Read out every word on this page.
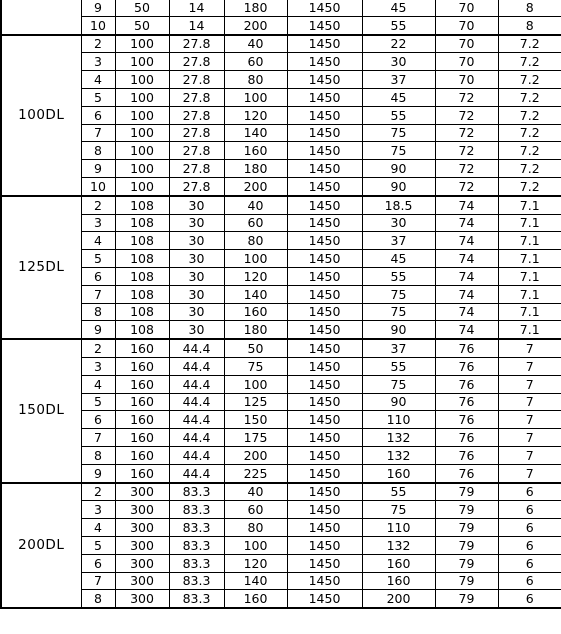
	9	50	14	180	1450	45	70	8
	10	50	14	200	1450	55	70	8
100DL	2	100	27.8	40	1450	22	70	7.2
	3	100	27.8	60	1450	30	70	7.2
	4	100	27.8	80	1450	37	70	7.2
	5	100	27.8	100	1450	45	72	7.2
	6	100	27.8	120	1450	55	72	7.2
	7	100	27.8	140	1450	75	72	7.2
	8	100	27.8	160	1450	75	72	7.2
	9	100	27.8	180	1450	90	72	7.2
	10	100	27.8	200	1450	90	72	7.2
125DL	2	108	30	40	1450	18.5	74	7.1
	3	108	30	60	1450	30	74	7.1
	4	108	30	80	1450	37	74	7.1
	5	108	30	100	1450	45	74	7.1
	6	108	30	120	1450	55	74	7.1
	7	108	30	140	1450	75	74	7.1
	8	108	30	160	1450	75	74	7.1
	9	108	30	180	1450	90	74	7.1
150DL	2	160	44.4	50	1450	37	76	7
	3	160	44.4	75	1450	55	76	7
	4	160	44.4	100	1450	75	76	7
	5	160	44.4	125	1450	90	76	7
	6	160	44.4	150	1450	110	76	7
	7	160	44.4	175	1450	132	76	7
	8	160	44.4	200	1450	132	76	7
	9	160	44.4	225	1450	160	76	7
200DL	2	300	83.3	40	1450	55	79	6
	3	300	83.3	60	1450	75	79	6
	4	300	83.3	80	1450	110	79	6
	5	300	83.3	100	1450	132	79	6
	6	300	83.3	120	1450	160	79	6
	7	300	83.3	140	1450	160	79	6
	8	300	83.3	160	1450	200	79	6
